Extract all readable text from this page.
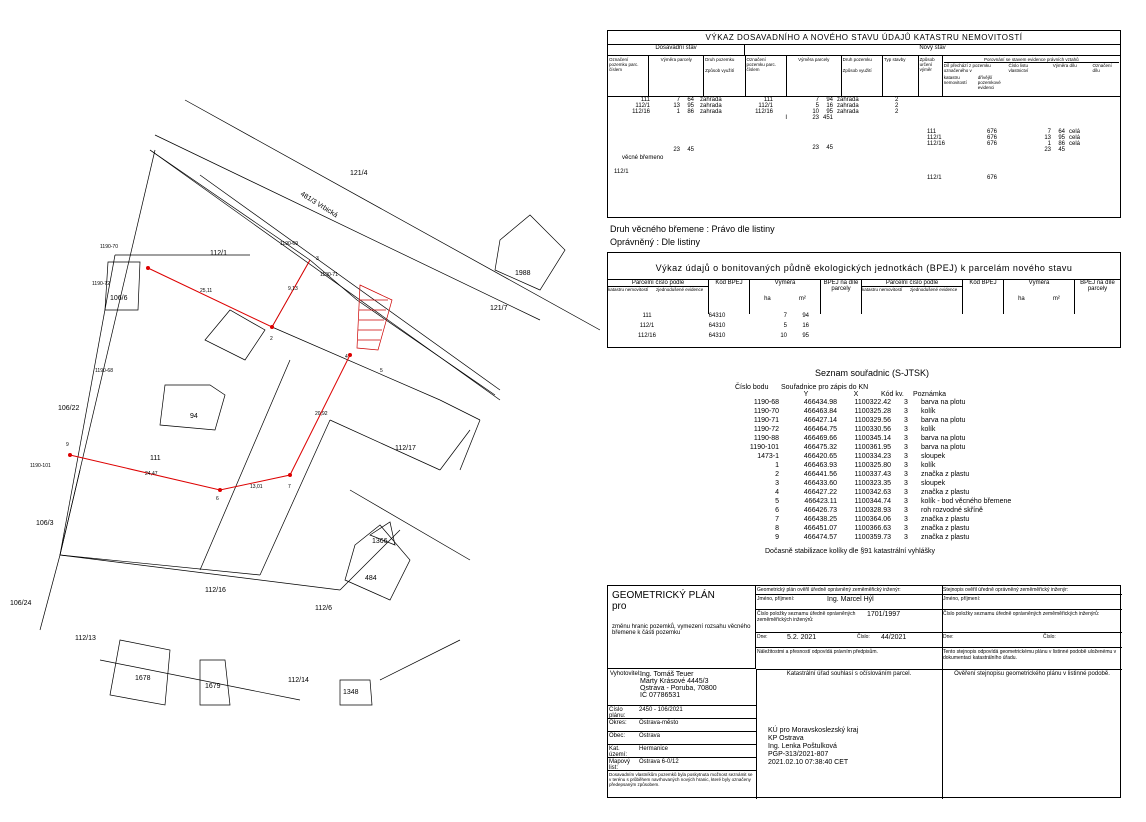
121/4
112/1
106/6
106/22
111
94
106/3
106/24
112/13
112/16
112/6
484
1366
1678
1679
112/14
1348
112/17
1988
121/7
481/3 Vrbická
1190-70
1190-72
1190-69
1190-71
1190-68
1190-101
2
3
4
5
6
7
9
25,11	9,13
20,92
24,47
13,01
VÝKAZ DOSAVADNÍHO A NOVÉHO STAVU ÚDAJŮ KATASTRU NEMOVITOSTÍ
Dosavadní stav	Nový stav
Označení pozemku parc. číslem
Výměra parcely	Druh pozemku
Způsob využití
Označení pozemku parc. číslem
Výměra parcely	Druh pozemku
Způsob využití
Typ stavby	Způsob určení výměr
Porovnání se stavem evidence právních vztahů
Díl přechází z pozemku označeného v
Číslo listu vlastnictví
Výměra dílu	Označení dílu
katastru nemovitostí
dřívější pozemkové evidenci
111	7	64 zahrada
112/1	13	95 zahrada
112/16	1	86 zahrada
23	45
věcné břemeno
112/1
111	7	94 zahrada
112/1	5	16 zahrada
112/16	10	95 zahrada
I	23 451
23	45
2
2
2
111	676	7	64 celá
112/1	676	13	95 celá
112/16	676	1	86 celá
23	45
112/1	676
Druh věcného břemene : Právo dle listiny
Oprávněný : Dle listiny
Výkaz údajů o bonitovaných půdně ekologických jednotkách (BPEJ) k parcelám nového stavu
Parcelní číslo podle
katastru nemovitostí	zjednodušené evidence
Kód BPEJ	Výměra
ha	m²
BPEJ na díle parcely
Parcelní číslo podle
katastru nemovitostí	zjednodušené evidence
Kód BPEJ	Výměra
ha	m²
BPEJ na díle parcely
111	64310	7	94
112/1	64310	5	16
112/16	64310	10	95
Seznam souřadnic (S-JTSK)
Číslo bodu	Souřadnice pro zápis do KN
Y	X	Kód kv.	Poznámka
1190-68	466434.98	1100322.42	3	barva na plotu
1190-70	466463.84	1100325.28	3	kolík
1190-71	466427.14	1100329.56	3	barva na plotu
1190-72	466464.75	1100330.56	3	kolík
1190-88	466469.66	1100345.14	3	barva na plotu
1190-101	466475.32	1100361.95	3	barva na plotu
1473-1	466420.65	1100334.23	3	sloupek
1	466463.93	1100325.80	3	kolík
2	466441.56	1100337.43	3	značka z plastu
3	466433.60	1100323.35	3	sloupek
4	466427.22	1100342.63	3	značka z plastu
5	466423.11	1100344.74	3	kolík - bod věcného břemene
6	466426.73	1100328.93	3	roh rozvodné skříně
7	466438.25	1100364.06	3	značka z plastu
8	466451.07	1100366.63	3	značka z plastu
9	466474.57	1100359.73	3	značka z plastu
Dočasně stabilizace kolíky dle §91 katastrální vyhlášky
GEOMETRICKÝ PLÁN
pro
změnu hranic pozemků, vymezení rozsahu věcného břemene k části pozemku
Vyhotovitel: Ing. Tomáš Teuer
Marty Krásové 4445/3
Ostrava - Poruba, 70800
IČ 07786531
Číslo plánu:
2450 - 106/2021
Okres:	Ostrava-město
Obec:	Ostrava
Kat. území:
Hermanice
Mapový list:
Ostrava 6-0/12
Dosavadním vlastníkům pozemků byla poskytnuta možnost seznámit se v terénu s průběhem navrhovaných nových hranic, které byly označeny předepsaným způsobem.
Geometrický plán ověřil úředně oprávněný zeměměřický inženýr:
Jméno, příjmení:	Ing. Marcel Hýl
Číslo položky seznamu úředně oprávněných zeměměřických inženýrů:
1701/1997
Dne:	5.2. 2021	Číslo:	44/2021
Náležitostmi a přesností odpovídá právním předpisům.
Stejnopis ověřil úředně oprávněný zeměměřický inženýr:
Jméno, příjmení:
Číslo položky seznamu úředně oprávněných zeměměřických inženýrů:
Dne:	Číslo:
Tento stejnopis odpovídá geometrickému plánu v listinné podobě uloženému v dokumentaci katastrálního úřadu.
Katastrální úřad souhlasí s očíslováním parcel.
KÚ pro Moravskoslezský kraj
KP Ostrava
Ing. Lenka Poštulková
PGP-313/2021-807
2021.02.10 07:38:40 CET
Ověření stejnopisu geometrického plánu v listinné podobě.
